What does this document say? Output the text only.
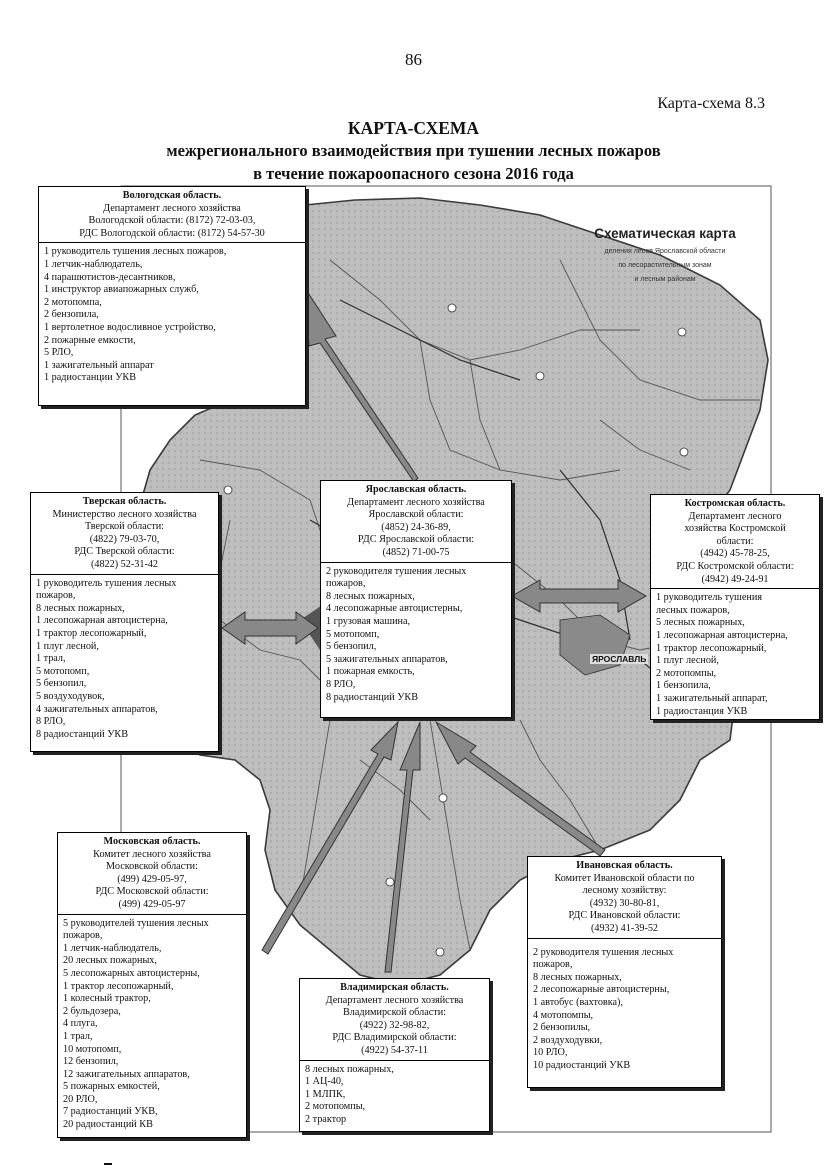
86
Карта-схема 8.3
КАРТА-СХЕМА
межрегионального взаимодействия при тушении лесных пожаров
в течение пожароопасного сезона 2016 года
Схематическая карта
деления лесов Ярославской области
по лесорастительным зонам
и лесным районам
ЯРОСЛАВЛЬ
Вологодская область.
Департамент лесного хозяйства
Вологодской области: (8172) 72-03-03,
РДС Вологодской области: (8172) 54-57-30
1 руководитель тушения лесных пожаров,
1 летчик-наблюдатель,
4 парашютистов-десантников,
1 инструктор авиапожарных служб,
2 мотопомпа,
2 бензопила,
1 вертолетное водосливное устройство,
2 пожарные емкости,
5 РЛО,
1 зажигательный аппарат
1 радиостанции УКВ
Тверская область.
Министерство лесного хозяйства
Тверской области:
(4822) 79-03-70,
РДС Тверской области:
(4822) 52-31-42
1 руководитель тушения лесных
пожаров,
8 лесных пожарных,
1 лесопожарная автоцистерна,
1 трактор лесопожарный,
1 плуг лесной,
1 трал,
5 мотопомп,
5 бензопил,
5 воздуходувок,
4 зажигательных аппаратов,
8 РЛО,
8 радиостанций УКВ
Ярославская область.
Департамент лесного хозяйства
Ярославской области:
(4852) 24-36-89,
РДС Ярославской области:
(4852) 71-00-75
2 руководителя тушения лесных
пожаров,
8 лесных пожарных,
4 лесопожарные автоцистерны,
1 грузовая машина,
5 мотопомп,
5 бензопил,
5 зажигательных аппаратов,
1 пожарная емкость,
8 РЛО,
8 радиостанций УКВ
Костромская область.
Департамент лесного
хозяйства Костромской
области:
(4942) 45-78-25,
РДС Костромской области:
(4942) 49-24-91
1 руководитель тушения
лесных пожаров,
5 лесных пожарных,
1 лесопожарная автоцистерна,
1 трактор лесопожарный,
1 плуг лесной,
2 мотопомпы,
1 бензопила,
1 зажигательный аппарат,
1 радиостанция УКВ
Московская область.
Комитет лесного хозяйства
Московской области:
(499) 429-05-97,
РДС Московской области:
(499) 429-05-97
5 руководителей тушения лесных
пожаров,
1 летчик-наблюдатель,
20 лесных пожарных,
5 лесопожарных автоцистерны,
1 трактор лесопожарный,
1 колесный трактор,
2 бульдозера,
4 плуга,
1 трал,
10 мотопомп,
12 бензопил,
12 зажигательных аппаратов,
5 пожарных емкостей,
20 РЛО,
7 радиостанций УКВ,
20 радиостанций КВ
Владимирская область.
Департамент лесного хозяйства
Владимирской области:
(4922) 32-98-82,
РДС Владимирской области:
(4922) 54-37-11
8 лесных пожарных,
1 АЦ-40,
1 МЛПК,
2 мотопомпы,
2 трактор
Ивановская область.
Комитет Ивановской области по
лесному хозяйству:
(4932) 30-80-81,
РДС Ивановской области:
(4932) 41-39-52
2 руководителя тушения лесных
пожаров,
8 лесных пожарных,
2 лесопожарные автоцистерны,
1 автобус (вахтовка),
4 мотопомпы,
2 бензопилы,
2 воздуходувки,
10 РЛО,
10 радиостанций УКВ
